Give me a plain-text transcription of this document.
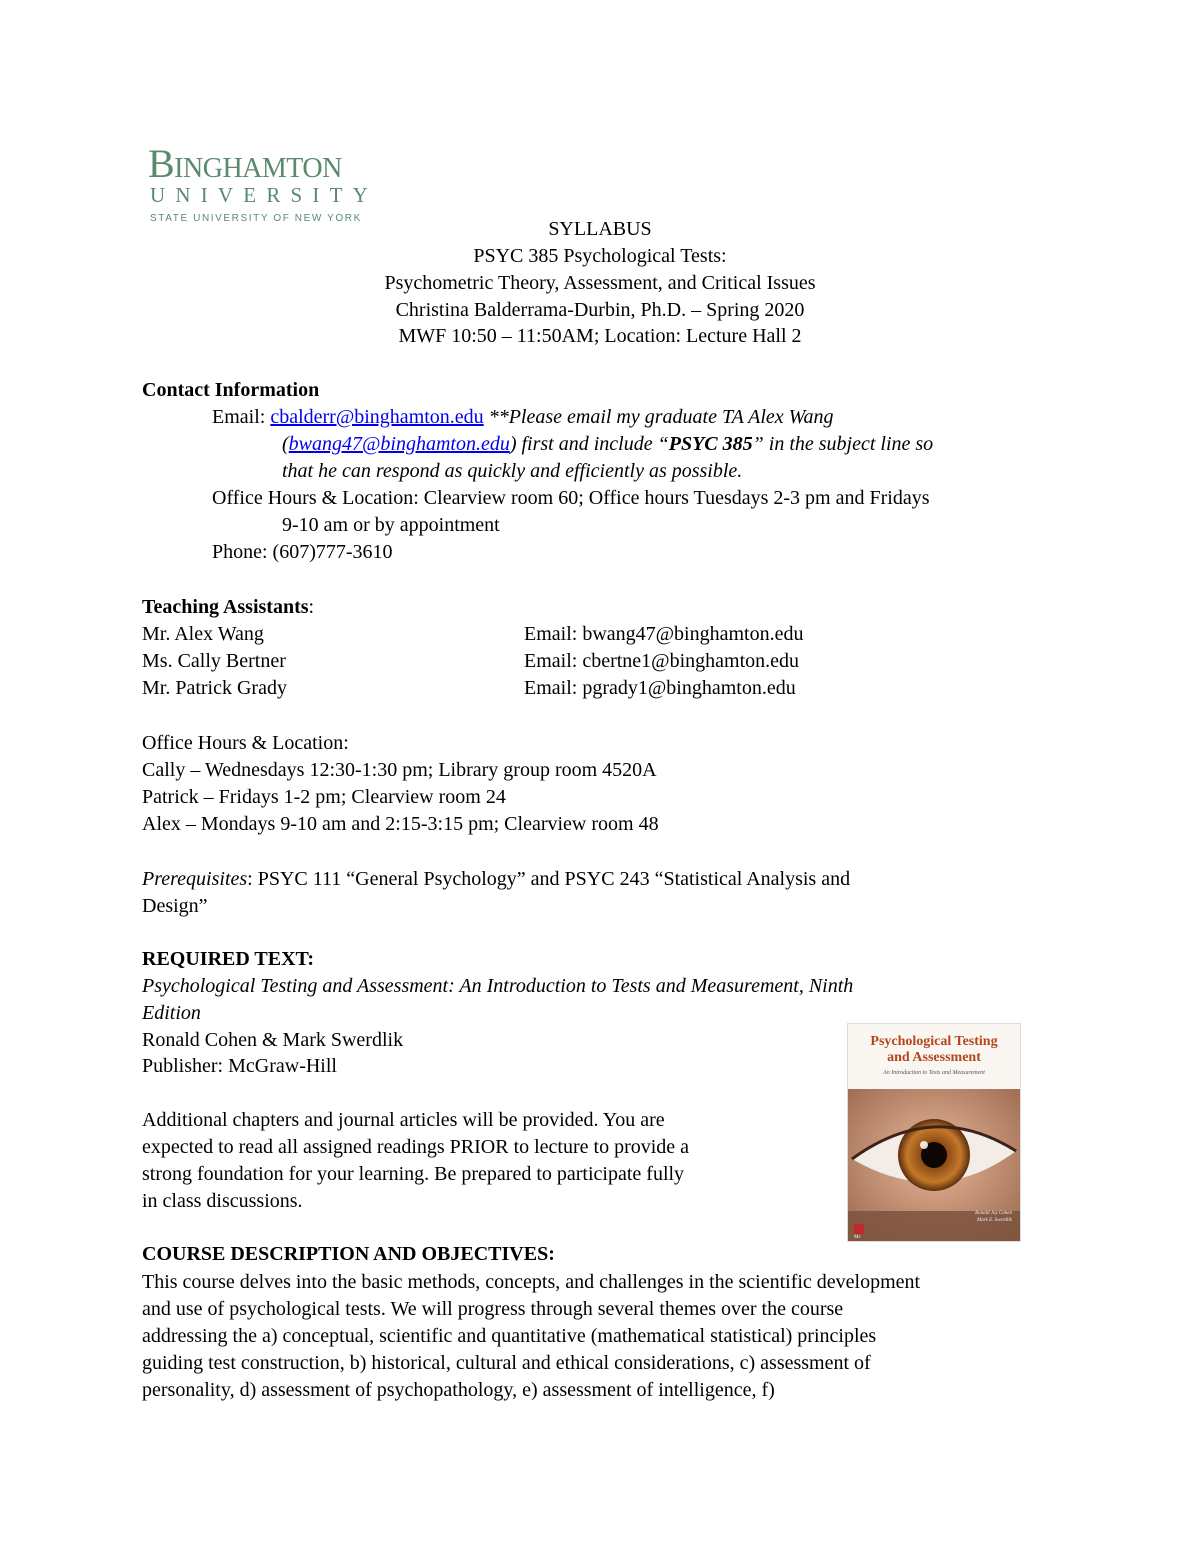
Binghamton
UNIVERSITY
STATE UNIVERSITY OF NEW YORK	SYLLABUS
PSYC 385 Psychological Tests:
Psychometric Theory, Assessment, and Critical Issues
Christina Balderrama-Durbin, Ph.D. – Spring 2020
MWF 10:50 – 11:50AM; Location: Lecture Hall 2
Contact Information
Email: cbalderr@binghamton.edu **Please email my graduate TA Alex Wang
(bwang47@binghamton.edu) first and include “PSYC 385” in the subject line so
that he can respond as quickly and efficiently as possible.
Office Hours & Location: Clearview room 60; Office hours Tuesdays 2-3 pm and Fridays
9-10 am or by appointment
Phone: (607)777-3610
Teaching Assistants:
Mr. Alex Wang	Email: bwang47@binghamton.edu
Ms. Cally Bertner	Email: cbertne1@binghamton.edu
Mr. Patrick Grady	Email: pgrady1@binghamton.edu
Office Hours & Location:
Cally – Wednesdays 12:30-1:30 pm; Library group room 4520A
Patrick – Fridays 1-2 pm; Clearview room 24
Alex – Mondays 9-10 am and 2:15-3:15 pm; Clearview room 48
Prerequisites: PSYC 111 “General Psychology” and PSYC 243 “Statistical Analysis and
Design”
REQUIRED TEXT:
Psychological Testing and Assessment: An Introduction to Tests and Measurement, Ninth
Edition
Ronald Cohen & Mark Swerdlik
Publisher: McGraw-Hill
Additional chapters and journal articles will be provided. You are
expected to read all assigned readings PRIOR to lecture to provide a
strong foundation for your learning. Be prepared to participate fully
in class discussions.
Psychological Testing
and Assessment
An Introduction to Tests and Measurement
Ronald Jay Cohen
Mark E. Swerdlik
COURSE DESCRIPTION AND OBJECTIVES:
This course delves into the basic methods, concepts, and challenges in the scientific development
and use of psychological tests. We will progress through several themes over the course
addressing the a) conceptual, scientific and quantitative (mathematical statistical) principles
guiding test construction, b) historical, cultural and ethical considerations, c) assessment of
personality, d) assessment of psychopathology, e) assessment of intelligence, f)
